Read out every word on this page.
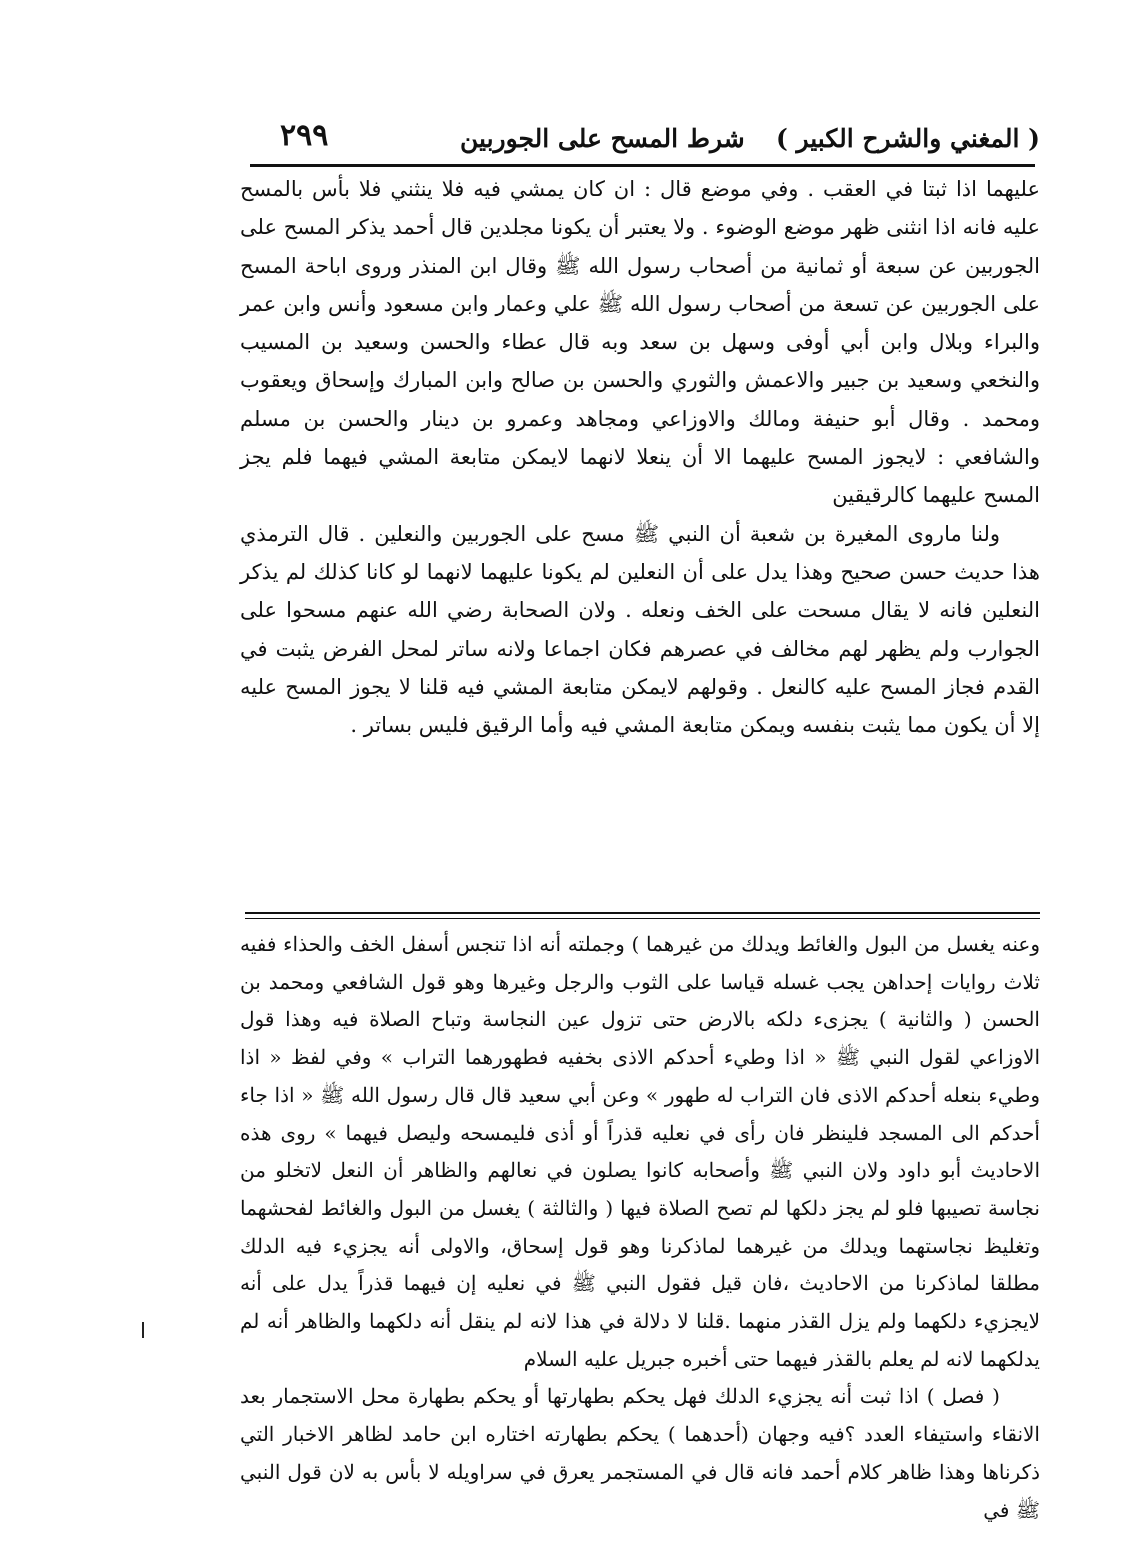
( المغني والشرح الكبير )
شرط المسح على الجوربين
٢٩٩

عليهما اذا ثبتا في العقب . وفي موضع قال : ان كان يمشي فيه فلا ينثني فلا بأس بالمسح عليه فانه اذا انثنى ظهر موضع الوضوء . ولا يعتبر أن يكونا مجلدين قال أحمد يذكر المسح على الجوربين عن سبعة أو ثمانية من أصحاب رسول الله ﷺ وقال ابن المنذر وروى اباحة المسح على الجوربين عن تسعة من أصحاب رسول الله ﷺ علي وعمار وابن مسعود وأنس وابن عمر والبراء وبلال وابن أبي أوفى وسهل بن سعد وبه قال عطاء والحسن وسعيد بن المسيب والنخعي وسعيد بن جبير والاعمش والثوري والحسن بن صالح وابن المبارك وإسحاق ويعقوب ومحمد . وقال أبو حنيفة ومالك والاوزاعي ومجاهد وعمرو بن دينار والحسن بن مسلم والشافعي : لايجوز المسح عليهما الا أن ينعلا لانهما لايمكن متابعة المشي فيهما فلم يجز المسح عليهما كالرقيقين

ولنا ماروى المغيرة بن شعبة أن النبي ﷺ مسح على الجوربين والنعلين . قال الترمذي هذا حديث حسن صحيح وهذا يدل على أن النعلين لم يكونا عليهما لانهما لو كانا كذلك لم يذكر النعلين فانه لا يقال مسحت على الخف ونعله . ولان الصحابة رضي الله عنهم مسحوا على الجوارب ولم يظهر لهم مخالف في عصرهم فكان اجماعا ولانه ساتر لمحل الفرض يثبت في القدم فجاز المسح عليه كالنعل . وقولهم لايمكن متابعة المشي فيه قلنا لا يجوز المسح عليه إلا أن يكون مما يثبت بنفسه ويمكن متابعة المشي فيه وأما الرقيق فليس بساتر .

وعنه يغسل من البول والغائط ويدلك من غيرهما ) وجملته أنه اذا تنجس أسفل الخف والحذاء ففيه ثلاث روايات إحداهن يجب غسله قياسا على الثوب والرجل وغيرها وهو قول الشافعي ومحمد بن الحسن ( والثانية ) يجزىء دلكه بالارض حتى تزول عين النجاسة وتباح الصلاة فيه وهذا قول الاوزاعي لقول النبي ﷺ « اذا وطيء أحدكم الاذى بخفيه فطهورهما التراب » وفي لفظ « اذا وطيء بنعله أحدكم الاذى فان التراب له طهور » وعن أبي سعيد قال قال رسول الله ﷺ « اذا جاء أحدكم الى المسجد فلينظر فان رأى في نعليه قذراً أو أذى فليمسحه وليصل فيهما » روى هذه الاحاديث أبو داود ولان النبي ﷺ وأصحابه كانوا يصلون في نعالهم والظاهر أن النعل لاتخلو من نجاسة تصيبها فلو لم يجز دلكها لم تصح الصلاة فيها ( والثالثة ) يغسل من البول والغائط لفحشهما وتغليظ نجاستهما ويدلك من غيرهما لماذكرنا وهو قول إسحاق، والاولى أنه يجزيء فيه الدلك مطلقا لماذكرنا من الاحاديث ،فان قيل فقول النبي ﷺ في نعليه إن فيهما قذراً يدل على أنه لايجزيء دلكهما ولم يزل القذر منهما .قلنا لا دلالة في هذا لانه لم ينقل أنه دلكهما والظاهر أنه لم يدلكهما لانه لم يعلم بالقذر فيهما حتى أخبره جبريل عليه السلام

( فصل ) اذا ثبت أنه يجزيء الدلك فهل يحكم بطهارتها أو يحكم بطهارة محل الاستجمار بعد الانقاء واستيفاء العدد ؟فيه وجهان (أحدهما ) يحكم بطهارته اختاره ابن حامد لظاهر الاخبار التي ذكرناها وهذا ظاهر كلام أحمد فانه قال في المستجمر يعرق في سراويله لا بأس به لان قول النبي ﷺ في
